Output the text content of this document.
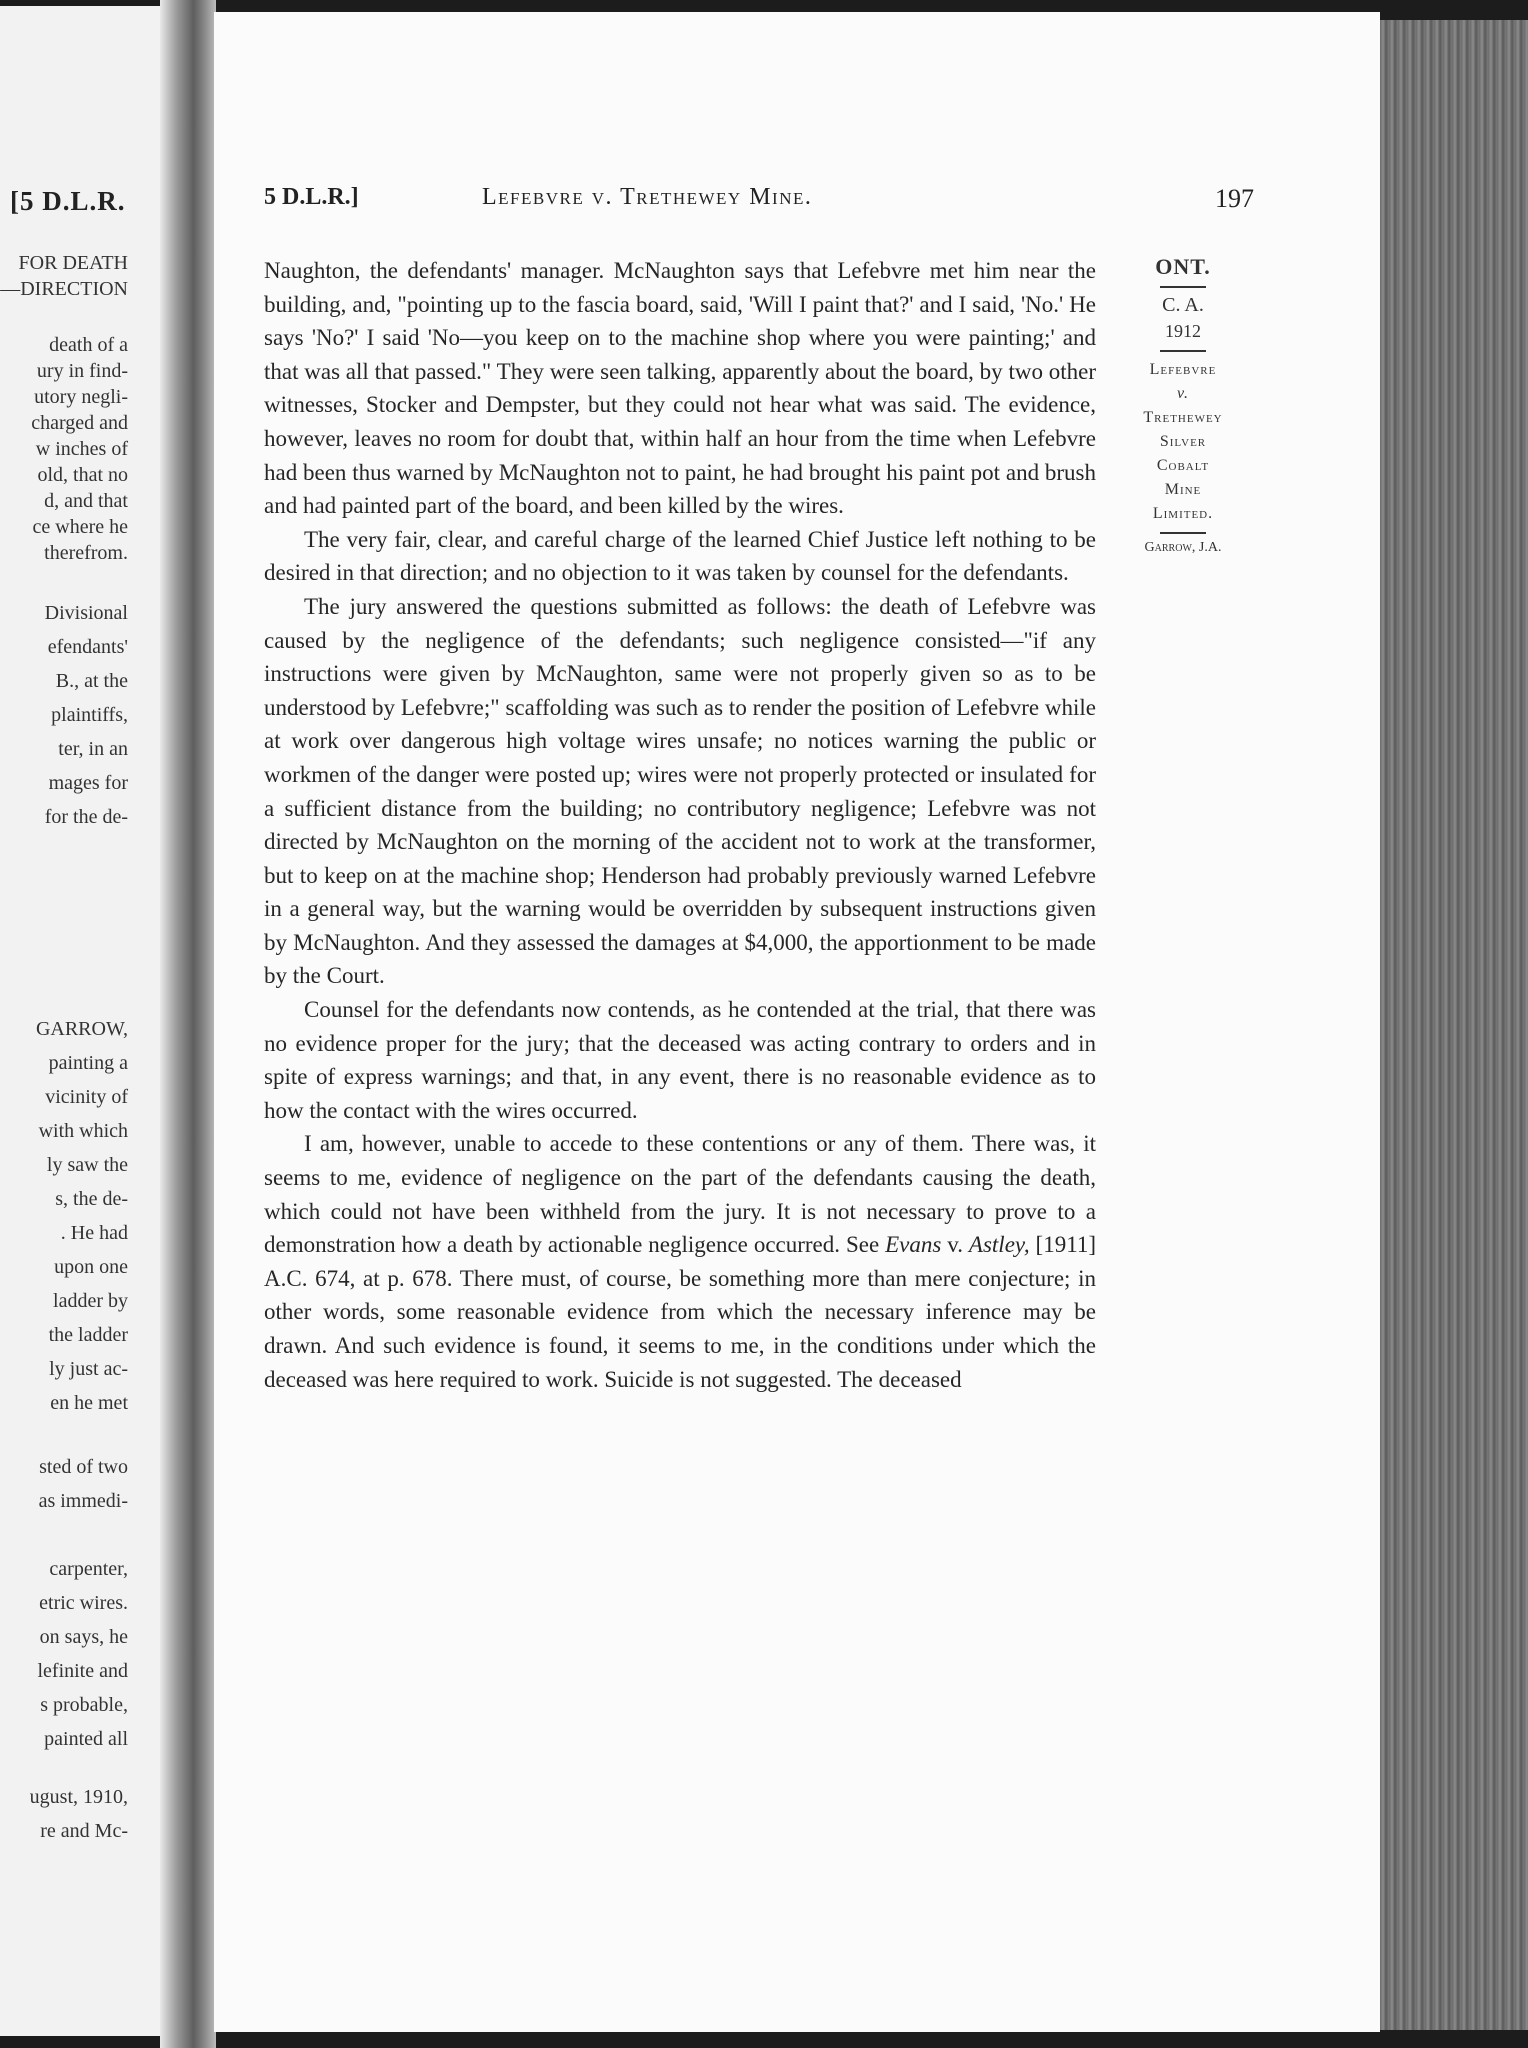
[5 D.L.R.
FOR DEATH
—DIRECTION
death of a
ury in find-
utory negli-
charged and
w inches of
old, that no
d, and that
ce where he
therefrom.
Divisional
efendants'
B., at the
plaintiffs,
ter, in an
mages for
for the de-
GARROW,
painting a
vicinity of
with which
ly saw the
s, the de-
. He had
upon one
ladder by
the ladder
ly just ac-
en he met
sted of two
as immedi-
carpenter,
etric wires.
on says, he
lefinite and
s probable,
painted all
ugust, 1910,
re and Mc-
5 D.L.R.]	Lefebvre v. Trethewey Mine.	197

Naughton, the defendants' manager. McNaughton says that Lefebvre met him near the building, and, "pointing up to the fascia board, said, 'Will I paint that?' and I said, 'No.' He says 'No?' I said 'No—you keep on to the machine shop where you were painting;' and that was all that passed." They were seen talking, apparently about the board, by two other witnesses, Stocker and Dempster, but they could not hear what was said. The evidence, however, leaves no room for doubt that, within half an hour from the time when Lefebvre had been thus warned by McNaughton not to paint, he had brought his paint pot and brush and had painted part of the board, and been killed by the wires.

The very fair, clear, and careful charge of the learned Chief Justice left nothing to be desired in that direction; and no objection to it was taken by counsel for the defendants.

The jury answered the questions submitted as follows: the death of Lefebvre was caused by the negligence of the defendants; such negligence consisted—"if any instructions were given by McNaughton, same were not properly given so as to be understood by Lefebvre;" scaffolding was such as to render the position of Lefebvre while at work over dangerous high voltage wires unsafe; no notices warning the public or workmen of the danger were posted up; wires were not properly protected or insulated for a sufficient distance from the building; no contributory negligence; Lefebvre was not directed by McNaughton on the morning of the accident not to work at the transformer, but to keep on at the machine shop; Henderson had probably previously warned Lefebvre in a general way, but the warning would be overridden by subsequent instructions given by McNaughton. And they assessed the damages at $4,000, the apportionment to be made by the Court.

Counsel for the defendants now contends, as he contended at the trial, that there was no evidence proper for the jury; that the deceased was acting contrary to orders and in spite of express warnings; and that, in any event, there is no reasonable evidence as to how the contact with the wires occurred.

I am, however, unable to accede to these contentions or any of them. There was, it seems to me, evidence of negligence on the part of the defendants causing the death, which could not have been withheld from the jury. It is not necessary to prove to a demonstration how a death by actionable negligence occurred. See Evans v. Astley, [1911] A.C. 674, at p. 678. There must, of course, be something more than mere conjecture; in other words, some reasonable evidence from which the necessary inference may be drawn. And such evidence is found, it seems to me, in the conditions under which the deceased was here required to work. Suicide is not suggested. The deceased

ONT.
C. A.
1912
Lefebvre
v.
Trethewey
Silver
Cobalt
Mine
Limited.
Garrow, J.A.
